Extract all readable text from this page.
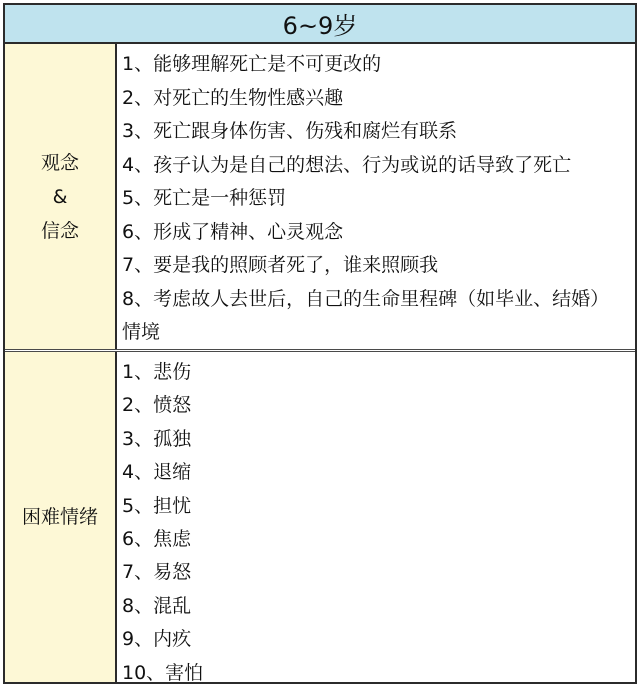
6~9岁
观念
&
信念
1、能够理解死亡是不可更改的
2、对死亡的生物性感兴趣
3、死亡跟身体伤害、伤残和腐烂有联系
4、孩子认为是自己的想法、行为或说的话导致了死亡
5、死亡是一种惩罚
6、形成了精神、心灵观念
7、要是我的照顾者死了，谁来照顾我
8、考虑故人去世后，自己的生命里程碑（如毕业、结婚）情境
困难情绪
1、悲伤
2、愤怒
3、孤独
4、退缩
5、担忧
6、焦虑
7、易怒
8、混乱
9、内疚
10、害怕
